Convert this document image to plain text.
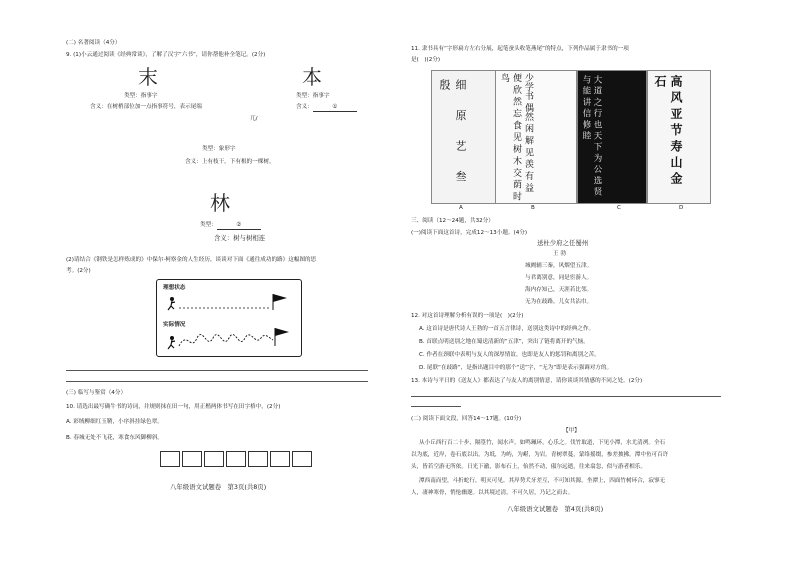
(二) 名著阅读（4分）
9. (1)小云通过阅读《经典常谈》，了解了汉字“六书”，请你帮他补全笔记。(2分)
末	本
类型：指事字	类型：指事字
含义：在树梢部位加一点指事符号，表示尾端	含义：	①
兀/
类型：象形字
含义：上有枝干，下有根的一棵树。
林
类型：	②
含义：树与树相连
(2)请结合《钢铁是怎样炼成的》中保尔·柯察金的人生经历，谈谈对下面《通往成功的路》这幅图的思
考。(2分)
理想状态
实际情况
(三) 临写与鉴赏（4分）
10. 请选出最写确牛书的诗词，并规则抹在田一句，用正楷两体书写在田字格中。(2分)
A. 彩绒柳细红玉鞘，小序斜挂绿色翠。
B. 春城无处不飞花，寒食东风御柳斜。
八年级语文试题卷　第3页(共8页)
11. 隶书具有“字形扁方左右分展，起笔蚕头收笔燕尾”的特点，下列作品属于隶书的一项
是(　)(2分)
细 原 艺 叁 殷	少学书 偶然 闲 解 见 羡 有 益 便 欣 然 忘 食 见 树 木 交 荫 时 鸟	大 道 之 行 也 天 下 为 公 选 贤 与 能 讲 信 修 睦	高 风 亚 节 寿 山 金 石
A	B	C	D
三、阅读（12～24题，共32分）
(一)阅读下面这首诗，完成12～13小题。(4分)
送杜少府之任蜀州
王 勃
城阙辅三秦，风烟望五津。
与君离别意，同是宦游人。
海内存知己，天涯若比邻。
无为在歧路，儿女共沾巾。
12. 对这首诗理解分析有误的一项是(　)(2分)
A. 这首诗是唐代诗人王勃的一首五言律诗，送别这类诗中的经典之作。
B. 首联点明送别之地在蜀送清新的“五津”，突出了链将离开的气恼。
C. 作者在颈联中表明与友人的深厚情谊，也即是友人的惩罚和离别之苦。
D. 尾联“在歧路”，是指出题目中的那个“送”字，“无为”即是表示强调对方的。
13. 本诗与平日的《送友人》都表达了与友人的离别情意，请你谈谈其情感的不同之处。(2分)
(二) 阅读下面文段，回答14～17题。(10分)
【甲】
从小丘西行百二十步，隔篁竹，闻水声，如鸣珮环，心乐之。伐竹取道，下见小潭，水尤清冽。全石
以为底，近岸，卷石底以出，为坻，为屿，为嵁，为岩。青树翠蔓，蒙络摇缀，参差披拂。潭中鱼可百许
头，皆若空游无所依。日光下澈，影布石上，佁然不动，俶尔远逝，往来翕忽，似与游者相乐。
潭西南而望，斗折蛇行，明灭可见。其岸势犬牙差互，不可知其源。坐潭上，四面竹树环合，寂寥无
人，凄神寒骨，悄怆幽邃。以其境过清，不可久居，乃记之而去。
八年级语文试题卷　第4页(共8页)
